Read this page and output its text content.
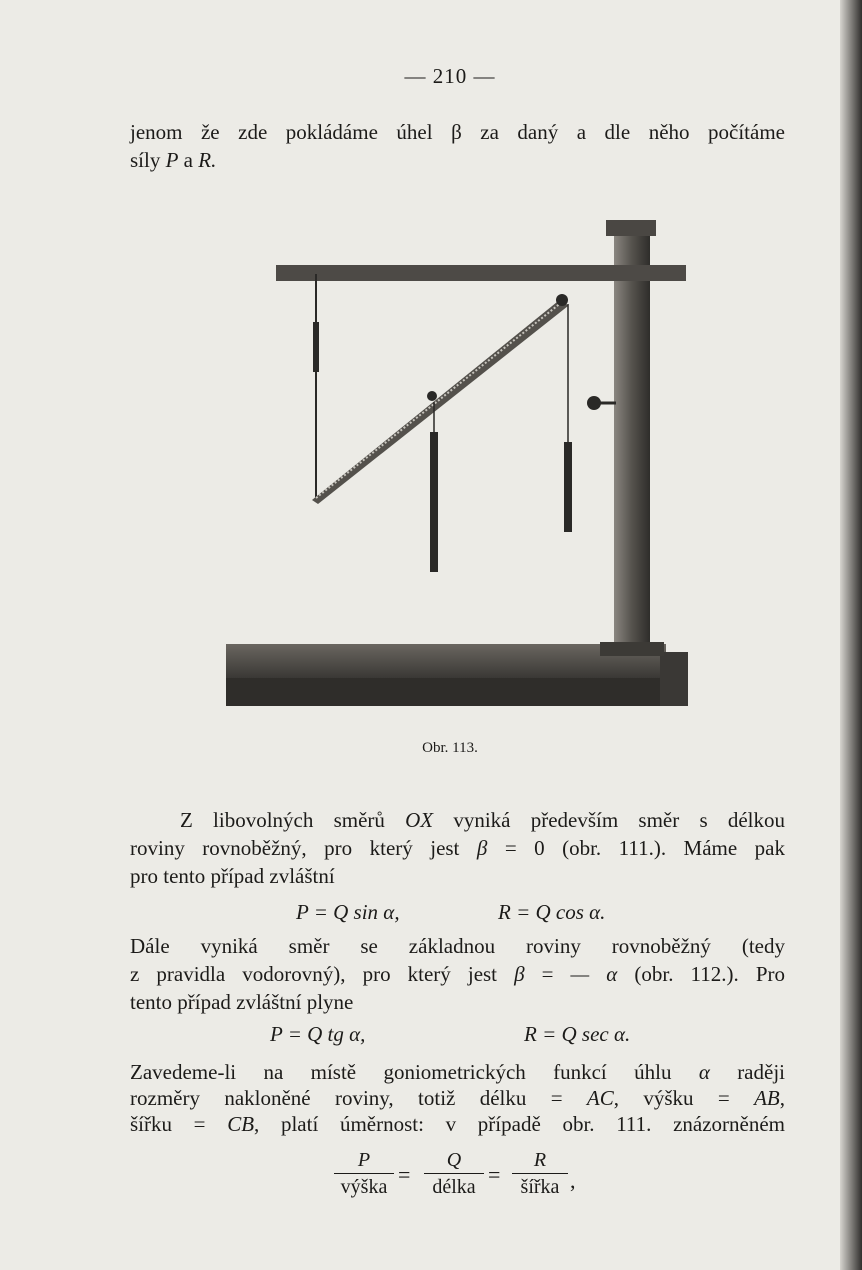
— 210 —
jenom že zde pokládáme úhel β za daný a dle něho počítáme
síly P a R.
Obr. 113.
Z libovolných směrů OX vyniká především směr s délkou
roviny rovnoběžný, pro který jest β = 0 (obr. 111.). Máme pak
pro tento případ zvláštní
P = Q sin α,	R = Q cos α.
Dále vyniká směr se základnou roviny rovnoběžný (tedy
z pravidla vodorovný), pro který jest β = — α (obr. 112.). Pro
tento případ zvláštní plyne
P = Q tg α,	R = Q sec α.
Zavedeme-li na místě goniometrických funkcí úhlu α raději
rozměry nakloněné roviny, totiž délku = AC, výšku = AB,
šířku = CB, platí úměrnost: v případě obr. 111. znázorněném
P
výška =
Q
délka =
R
šířka ,
